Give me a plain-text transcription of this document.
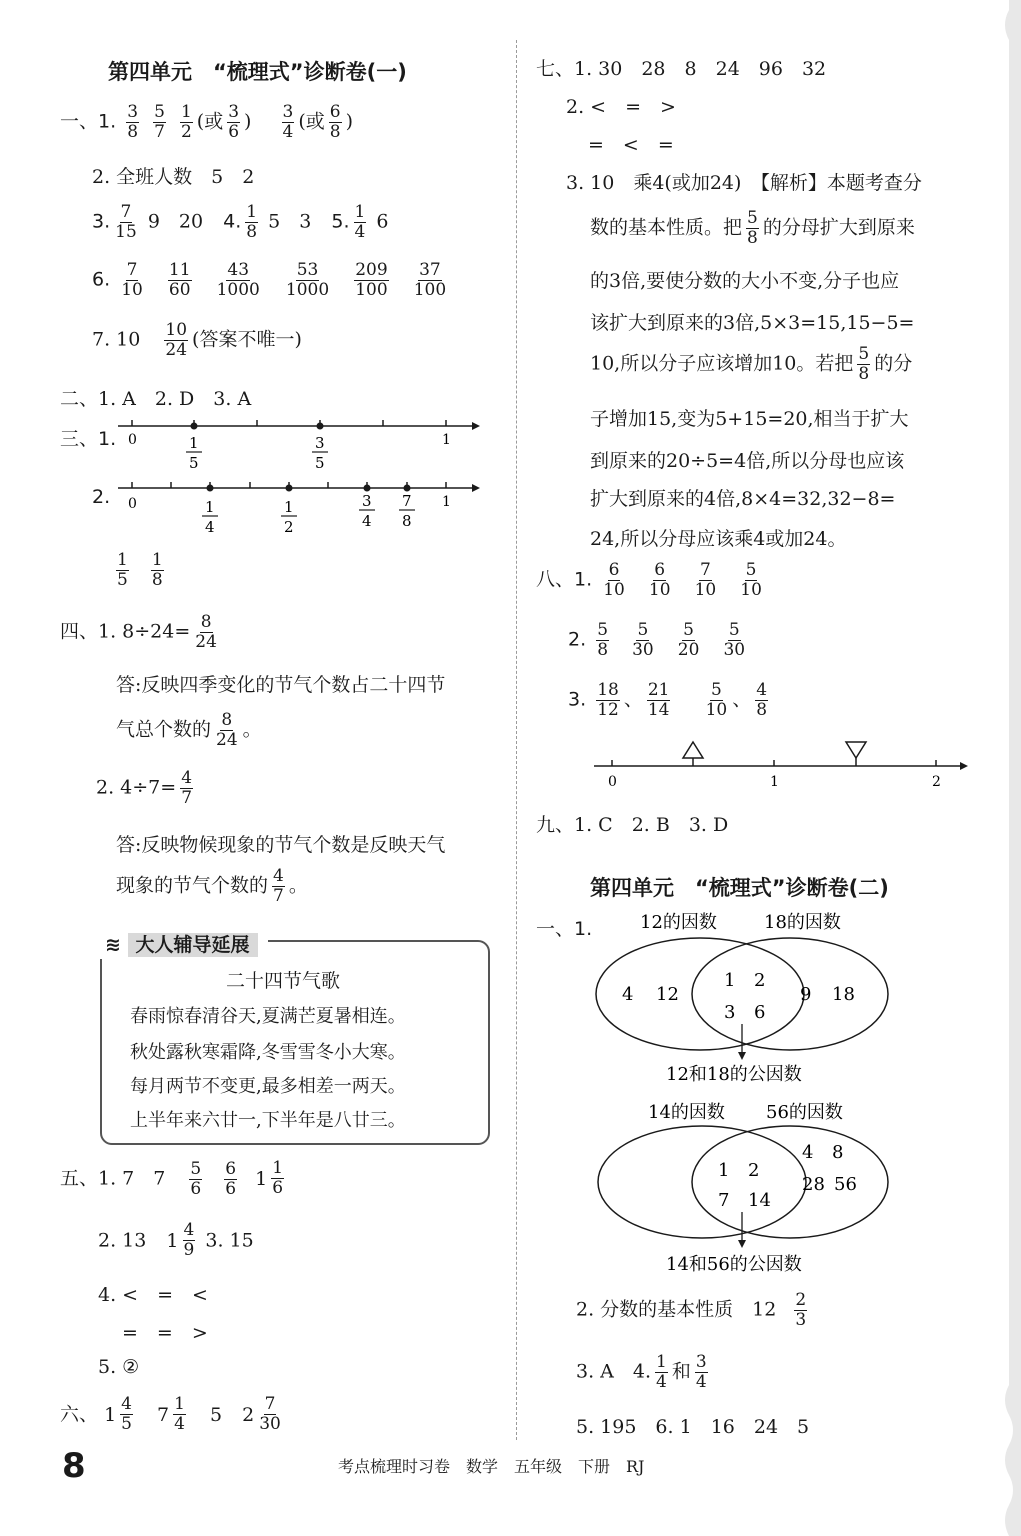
第四单元　“梳理式”诊断卷(一)
一、1. $\frac{3}{8}$
$\frac{5}{7}$
$\frac{1}{2}$ (或 $\frac{3}{6}$ ) $\frac{3}{4}$ (或 $\frac{6}{8}$ )
2. 全班人数　5　2
3. $\frac{7}{15} 9$　20 4. $\frac{1}{8} 5$　3 5. $\frac{1}{4} 6$
6. $\frac{7}{10}$
$\frac{11}{60}$
$\frac{43}{1000}$
$\frac{53}{1000}$
$\frac{209}{100}$
$\frac{37}{100}$
7. $10 \frac{10}{24}$ (答案不唯一)
二、1. A　2. D　3. A
三、1. 0	1
1
5
3
5
2. 0	1
1
4
1
2
3
4
7
8
$\frac{1}{5}$
$\frac{1}{8}$
四、1. $8\div 24= \frac{8}{24}$
答:反映四季变化的节气个数占二十四节
气总个数的 $\frac{8}{24}$ 。
2. $4\div 7= \frac{4}{7}$
答:反映物候现象的节气个数是反映天气
现象的节气个数的 $\frac{4}{7}$ 。
≋ 大人辅导延展
二十四节气歌
春雨惊春清谷天,夏满芒夏暑相连。
秋处露秋寒霜降,冬雪雪冬小大寒。
每月两节不变更,最多相差一两天。
上半年来六廿一,下半年是八廿三。
五、1. 7　$7 \frac{5}{6}$
$\frac{6}{6}$
$1 \frac{1}{6}$
2. 13 $1 \frac{4}{9} 3$. 15
4. <　=　<
=　=　>
5. ②
六、 $1 \frac{4}{5}$
$7 \frac{1}{4} 5$ $2 \frac{7}{30}$
七、1. 30　28　8　24　96　32
2. <　=　>
=　<　=
3. 10　乘4(或加24)　【解析】本题考查分
数的基本性质。把 $\frac{5}{8}$ 的分母扩大到原来
的3倍,要使分数的大小不变,分子也应
该扩大到原来的3倍,5×3=15,15−5=
10,所以分子应该增加10。若把 $\frac{5}{8}$ 的分
子增加15,变为5+15=20,相当于扩大
到原来的20÷5=4倍,所以分母也应该
扩大到原来的4倍,8×4=32,32−8=
24,所以分母应该乘4或加24。
八、1. $\frac{6}{10}$
$\frac{6}{10}$
$\frac{7}{10}$
$\frac{5}{10}$
2. $\frac{5}{8}$
$\frac{5}{30}$
$\frac{5}{20}$
$\frac{5}{30}$
3. $\frac{18}{12}$ 、 $\frac{21}{14}$
$\frac{5}{10}$ 、 $\frac{4}{8}$
0	1	2
九、1. C　2. B　3. D
第四单元　“梳理式”诊断卷(二)
一、1.	12的因数	18的因数
4 12
1 2
3 6
9 18
12和18的公因数
14的因数 56的因数
1 2
7 14
4 8
28 56
14和56的公因数
2. 分数的基本性质　$12 \frac{2}{3}$
3. A　4. $\frac{1}{4}$ 和 $\frac{3}{4}$
5. 195　6. 1　16　24　5
8	考点梳理时习卷　数学　五年级　下册　RJ
